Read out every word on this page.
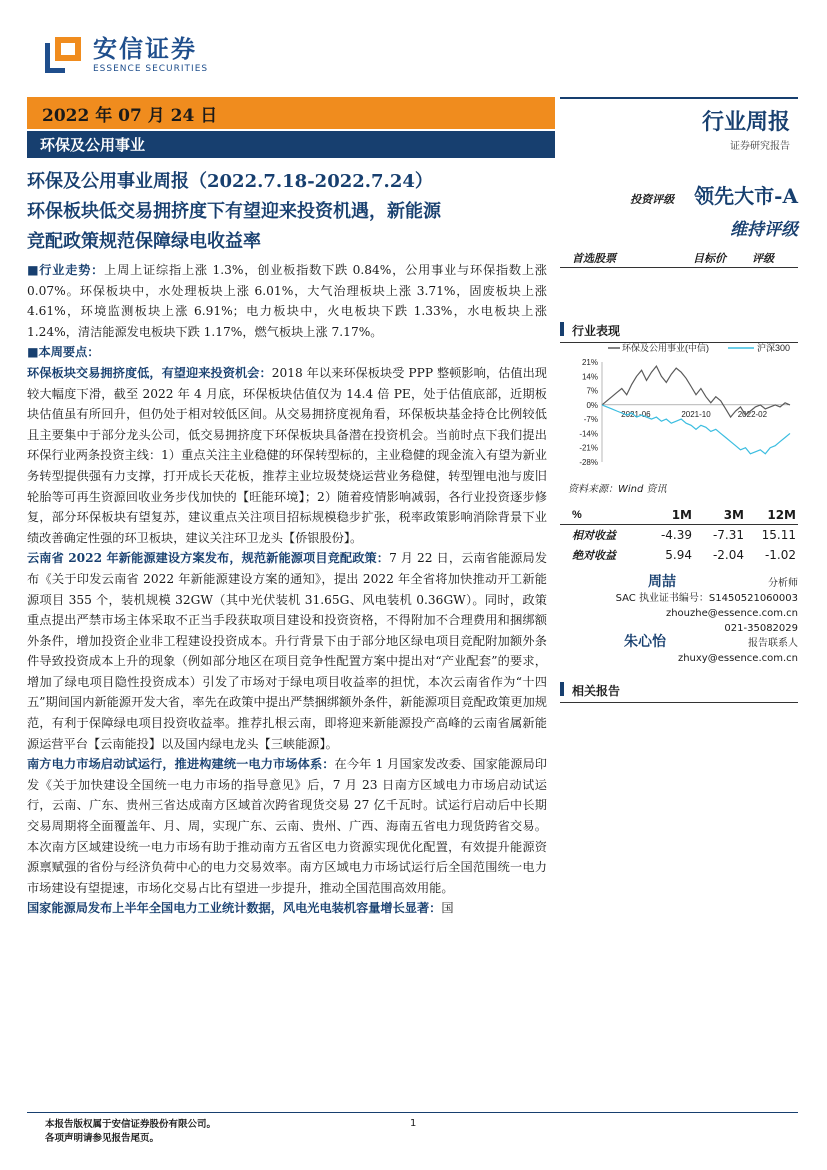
安信证券
ESSENCE SECURITIES
2022 年 07 月 24 日
环保及公用事业
行业周报
证券研究报告
环保及公用事业周报（2022.7.18-2022.7.24）
环保板块低交易拥挤度下有望迎来投资机遇，新能源
竞配政策规范保障绿电收益率

■行业走势：上周上证综指上涨 1.3%，创业板指数下跌 0.84%，公用事业与环保指数上涨 0.07%。环保板块中，水处理板块上涨 6.01%，大气治理板块上涨 3.71%，固废板块上涨 4.61%，环境监测板块上涨 6.91%；电力板块中，火电板块下跌 1.33%，水电板块上涨 1.24%，清洁能源发电板块下跌 1.17%，燃气板块上涨 7.17%。

■本周要点：

环保板块交易拥挤度低，有望迎来投资机会：2018 年以来环保板块受 PPP 整顿影响，估值出现较大幅度下滑，截至 2022 年 4 月底，环保板块估值仅为 14.4 倍 PE，处于估值底部，近期板块估值虽有所回升，但仍处于相对较低区间。从交易拥挤度视角看，环保板块基金持仓比例较低且主要集中于部分龙头公司，低交易拥挤度下环保板块具备潜在投资机会。当前时点下我们提出环保行业两条投资主线：1）重点关注主业稳健的环保转型标的，主业稳健的现金流入有望为新业务转型提供强有力支撑，打开成长天花板，推荐主业垃圾焚烧运营业务稳健，转型锂电池与废旧轮胎等可再生资源回收业务步伐加快的【旺能环境】；2）随着疫情影响减弱，各行业投资逐步修复，部分环保板块有望复苏，建议重点关注项目招标规模稳步扩张，税率政策影响消除背景下业绩改善确定性强的环卫板块，建议关注环卫龙头【侨银股份】。

云南省 2022 年新能源建设方案发布，规范新能源项目竞配政策：7 月 22 日，云南省能源局发布《关于印发云南省 2022 年新能源建设方案的通知》，提出 2022 年全省将加快推动开工新能源项目 355 个，装机规模 32GW（其中光伏装机 31.65G、风电装机 0.36GW）。同时，政策重点提出严禁市场主体采取不正当手段获取项目建设和投资资格，不得附加不合理费用和捆绑额外条件，增加投资企业非工程建设投资成本。升行背景下由于部分地区绿电项目竞配附加额外条件导致投资成本上升的现象（例如部分地区在项目竞争性配置方案中提出对“产业配套”的要求，增加了绿电项目隐性投资成本）引发了市场对于绿电项目收益率的担忧，本次云南省作为“十四五”期间国内新能源开发大省，率先在政策中提出严禁捆绑额外条件，新能源项目竞配政策更加规范，有利于保障绿电项目投资收益率。推荐扎根云南，即将迎来新能源投产高峰的云南省属新能源运营平台【云南能投】以及国内绿电龙头【三峡能源】。

南方电力市场启动试运行，推进构建统一电力市场体系：在今年 1 月国家发改委、国家能源局印发《关于加快建设全国统一电力市场的指导意见》后，7 月 23 日南方区域电力市场启动试运行，云南、广东、贵州三省达成南方区域首次跨省现货交易 27 亿千瓦时。试运行启动后中长期交易周期将全面覆盖年、月、周，实现广东、云南、贵州、广西、海南五省电力现货跨省交易。本次南方区域建设统一电力市场有助于推动南方五省区电力资源实现优化配置，有效提升能源资源禀赋强的省份与经济负荷中心的电力交易效率。南方区域电力市场试运行后全国范围统一电力市场建设有望提速，市场化交易占比有望进一步提升，推动全国范围高效用能。

国家能源局发布上半年全国电力工业统计数据，风电光电装机容量增长显著：国

投资评级 领先大市-A
维持评级
首选股票	目标价 评级
行业表现
环保及公用事业(中信)	沪深300
21%
14%
7%
0%
-7%
-14%
-21%
-28%
2021-06	2021-10	2022-02
资料来源：Wind 资讯
%	1M	3M	12M
相对收益	-4.39	-7.31	15.11
绝对收益	5.94	-2.04	-1.02
周喆	分析师
SAC 执业证书编号：S1450521060003
zhouzhe@essence.com.cn
021-35082029
朱心怡	报告联系人
zhuxy@essence.com.cn
相关报告
本报告版权属于安信证券股份有限公司。
各项声明请参见报告尾页。
1
